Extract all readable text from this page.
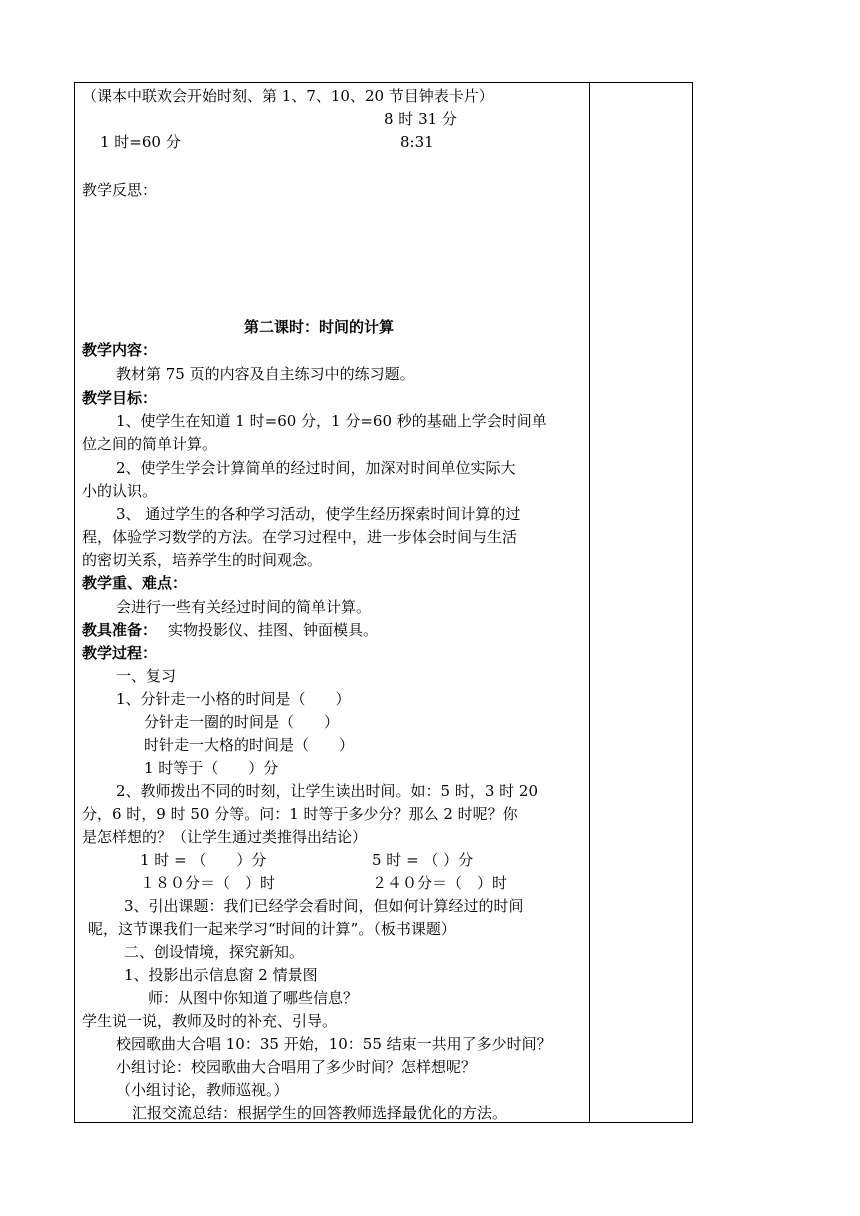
（课本中联欢会开始时刻、第 1、7、10、20 节目钟表卡片）
8 时 31 分
1 时=60 分	8:31
教学反思：
第二课时：时间的计算
教学内容：
教材第 75 页的内容及自主练习中的练习题。
教学目标：
1、使学生在知道 1 时=60 分，1 分=60 秒的基础上学会时间单
位之间的简单计算。
2、使学生学会计算简单的经过时间，加深对时间单位实际大
小的认识。
3、 通过学生的各种学习活动，使学生经历探索时间计算的过
程，体验学习数学的方法。在学习过程中，进一步体会时间与生活
的密切关系，培养学生的时间观念。
教学重、难点：
会进行一些有关经过时间的简单计算。
教具准备： 实物投影仪、挂图、钟面模具。
教学过程：
一、复习
1、分针走一小格的时间是（　　）
分针走一圈的时间是（　　）
时针走一大格的时间是（　　）
1 时等于（　　）分
2、教师拨出不同的时刻，让学生读出时间。如：5 时，3 时 20
分，6 时，9 时 50 分等。问：1 时等于多少分？那么 2 时呢？你
是怎样想的？（让学生通过类推得出结论）
1 时 = （　　）分	5 时 = （ ）分
１８０分＝（　）时	２４０分＝（　）时
3、引出课题：我们已经学会看时间，但如何计算经过的时间
呢，这节课我们一起来学习“时间的计算”。（板书课题）
二、创设情境，探究新知。
1、投影出示信息窗 2 情景图
师：从图中你知道了哪些信息？
学生说一说，教师及时的补充、引导。
校园歌曲大合唱 10：35 开始，10：55 结束一共用了多少时间？
小组讨论：校园歌曲大合唱用了多少时间？怎样想呢？
（小组讨论，教师巡视。）
汇报交流总结：根据学生的回答教师选择最优化的方法。
